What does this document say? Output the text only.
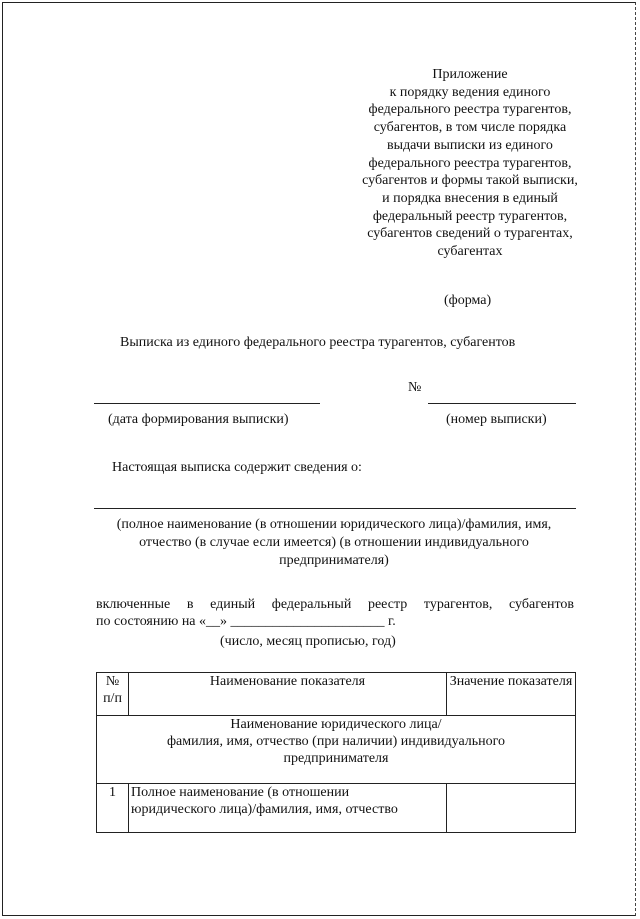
Приложение
к порядку ведения единого
федерального реестра турагентов,
субагентов, в том числе порядка
выдачи выписки из единого
федерального реестра турагентов,
субагентов и формы такой выписки,
и порядка внесения в единый
федеральный реестр турагентов,
субагентов сведений о турагентах,
субагентах
(форма)
Выписка из единого федерального реестра турагентов, субагентов
№
(дата формирования выписки)	(номер выписки)
Настоящая выписка содержит сведения о:
(полное наименование (в отношении юридического лица)/фамилия, имя,
отчество (в случае если имеется) (в отношении индивидуального
предпринимателя)
включенные в единый федеральный реестр турагентов, субагентов
по состоянию на «__» ______________________ г.
(число, месяц прописью, год)
№ п/п	Наименование показателя	Значение показателя

Наименование юридического лица/
фамилия, имя, отчество (при наличии) индивидуального
предпринимателя		

1	Полное наименование (в отношении
юридического лица)/фамилия, имя, отчество	
